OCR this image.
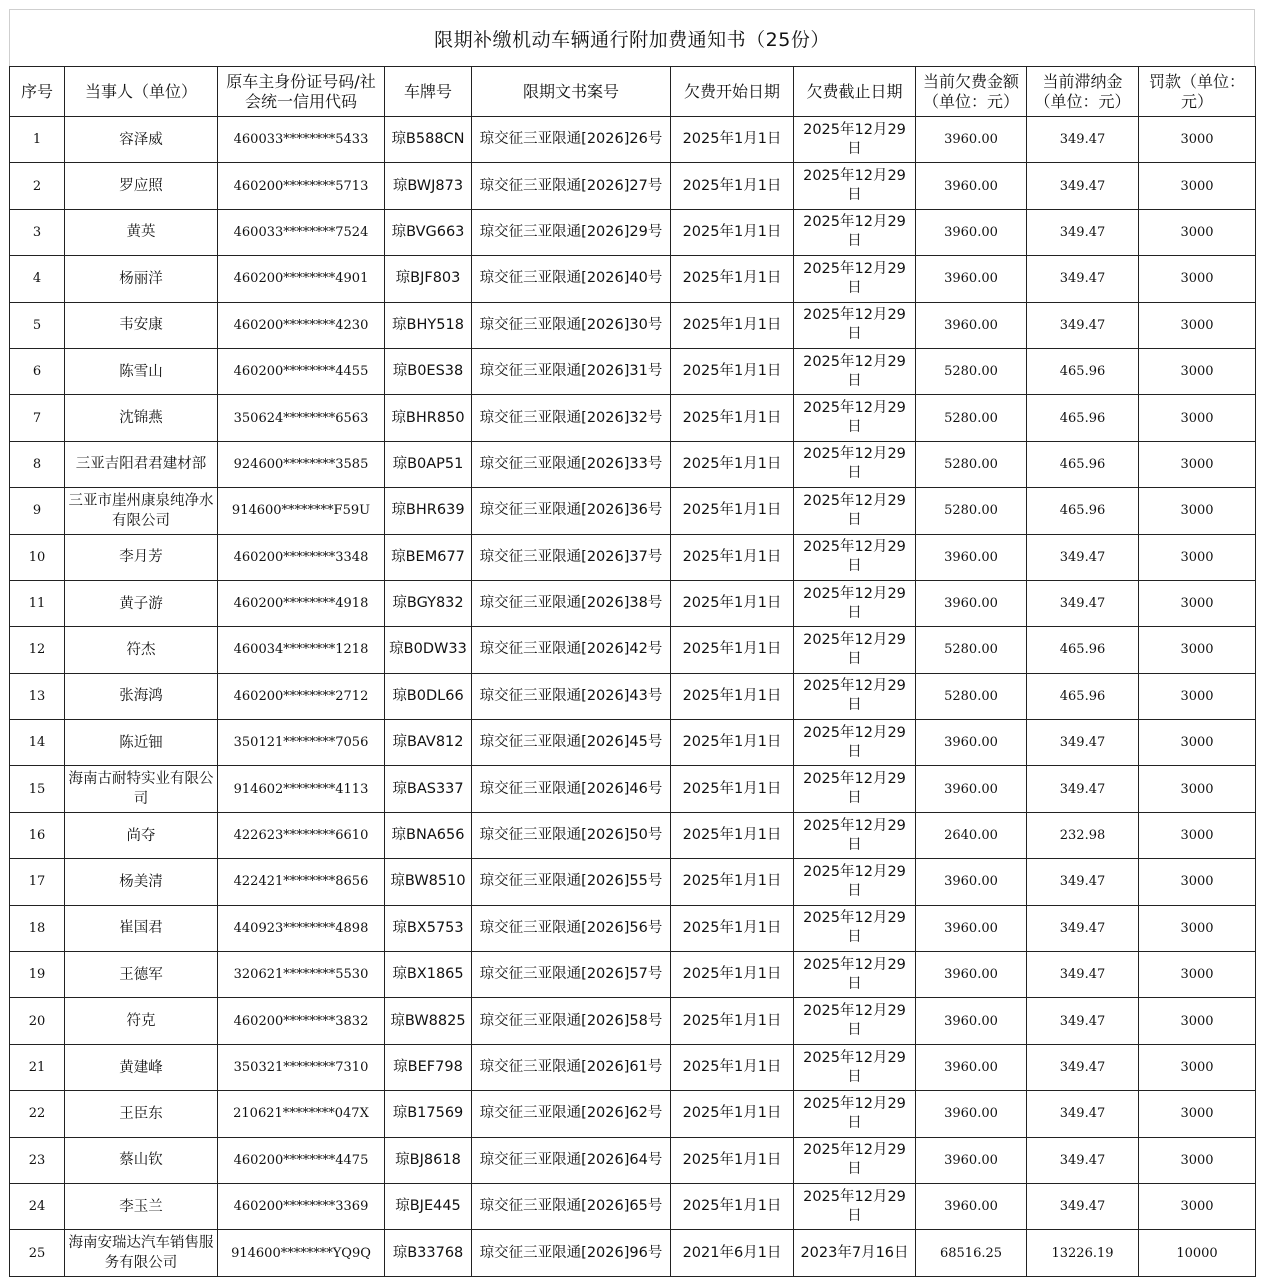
限期补缴机动车辆通行附加费通知书（25份）
序号	当事人（单位）	原车主身份证号码/社会统一信用代码	车牌号	限期文书案号	欠费开始日期	欠费截止日期	当前欠费金额（单位：元）	当前滞纳金（单位：元）	罚款（单位：元）
1	容泽威	460033********5433	琼B588CN	琼交征三亚限通[2026]26号	2025年1月1日	2025年12月29日	3960.00	349.47	3000
2	罗应照	460200********5713	琼BWJ873	琼交征三亚限通[2026]27号	2025年1月1日	2025年12月29日	3960.00	349.47	3000
3	黄英	460033********7524	琼BVG663	琼交征三亚限通[2026]29号	2025年1月1日	2025年12月29日	3960.00	349.47	3000
4	杨丽洋	460200********4901	琼BJF803	琼交征三亚限通[2026]40号	2025年1月1日	2025年12月29日	3960.00	349.47	3000
5	韦安康	460200********4230	琼BHY518	琼交征三亚限通[2026]30号	2025年1月1日	2025年12月29日	3960.00	349.47	3000
6	陈雪山	460200********4455	琼B0ES38	琼交征三亚限通[2026]31号	2025年1月1日	2025年12月29日	5280.00	465.96	3000
7	沈锦燕	350624********6563	琼BHR850	琼交征三亚限通[2026]32号	2025年1月1日	2025年12月29日	5280.00	465.96	3000
8	三亚吉阳君君建材部	924600********3585	琼B0AP51	琼交征三亚限通[2026]33号	2025年1月1日	2025年12月29日	5280.00	465.96	3000
9	三亚市崖州康泉纯净水有限公司	914600********F59U	琼BHR639	琼交征三亚限通[2026]36号	2025年1月1日	2025年12月29日	5280.00	465.96	3000
10	李月芳	460200********3348	琼BEM677	琼交征三亚限通[2026]37号	2025年1月1日	2025年12月29日	3960.00	349.47	3000
11	黄子游	460200********4918	琼BGY832	琼交征三亚限通[2026]38号	2025年1月1日	2025年12月29日	3960.00	349.47	3000
12	符杰	460034********1218	琼B0DW33	琼交征三亚限通[2026]42号	2025年1月1日	2025年12月29日	5280.00	465.96	3000
13	张海鸿	460200********2712	琼B0DL66	琼交征三亚限通[2026]43号	2025年1月1日	2025年12月29日	5280.00	465.96	3000
14	陈近钿	350121********7056	琼BAV812	琼交征三亚限通[2026]45号	2025年1月1日	2025年12月29日	3960.00	349.47	3000
15	海南古耐特实业有限公司	914602********4113	琼BAS337	琼交征三亚限通[2026]46号	2025年1月1日	2025年12月29日	3960.00	349.47	3000
16	尚夺	422623********6610	琼BNA656	琼交征三亚限通[2026]50号	2025年1月1日	2025年12月29日	2640.00	232.98	3000
17	杨美清	422421********8656	琼BW8510	琼交征三亚限通[2026]55号	2025年1月1日	2025年12月29日	3960.00	349.47	3000
18	崔国君	440923********4898	琼BX5753	琼交征三亚限通[2026]56号	2025年1月1日	2025年12月29日	3960.00	349.47	3000
19	王德军	320621********5530	琼BX1865	琼交征三亚限通[2026]57号	2025年1月1日	2025年12月29日	3960.00	349.47	3000
20	符克	460200********3832	琼BW8825	琼交征三亚限通[2026]58号	2025年1月1日	2025年12月29日	3960.00	349.47	3000
21	黄建峰	350321********7310	琼BEF798	琼交征三亚限通[2026]61号	2025年1月1日	2025年12月29日	3960.00	349.47	3000
22	王臣东	210621********047X	琼B17569	琼交征三亚限通[2026]62号	2025年1月1日	2025年12月29日	3960.00	349.47	3000
23	蔡山钦	460200********4475	琼BJ8618	琼交征三亚限通[2026]64号	2025年1月1日	2025年12月29日	3960.00	349.47	3000
24	李玉兰	460200********3369	琼BJE445	琼交征三亚限通[2026]65号	2025年1月1日	2025年12月29日	3960.00	349.47	3000
25	海南安瑞达汽车销售服务有限公司	914600********YQ9Q	琼B33768	琼交征三亚限通[2026]96号	2021年6月1日	2023年7月16日	68516.25	13226.19	10000
